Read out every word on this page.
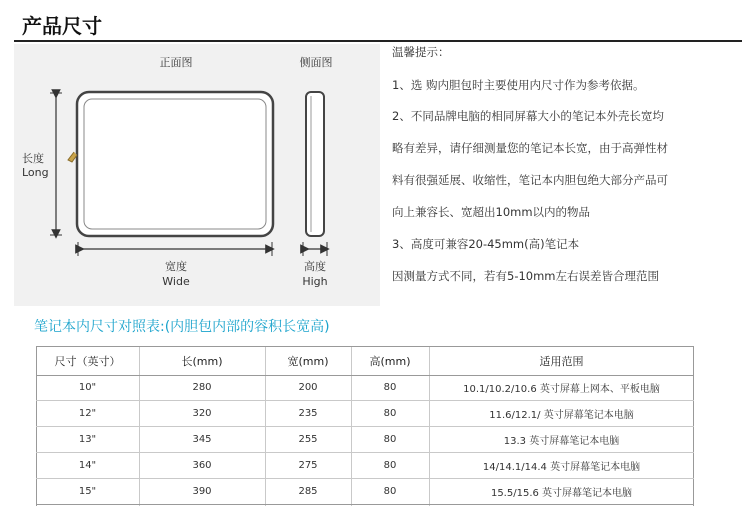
产品尺寸
正面图	侧面图
长度
Long
宽度
Wide
高度
High
温馨提示：
1、选 购内胆包时主要使用内尺寸作为参考依据。
2、不同品牌电脑的相同屏幕大小的笔记本外壳长宽均
略有差异，请仔细测量您的笔记本长宽，由于高弹性材
料有很强延展、收缩性，笔记本内胆包绝大部分产品可
向上兼容长、宽超出10mm以内的物品
3、高度可兼容20-45mm(高)笔记本
因测量方式不同，若有5-10mm左右误差皆合理范围
笔记本内尺寸对照表:(内胆包内部的容积长宽高)
尺寸（英寸）	长(mm)	宽(mm)	高(mm)	适用范围
10"	280	200	80	10.1/10.2/10.6 英寸屏幕上网本、平板电脑
12"	320	235	80	11.6/12.1/ 英寸屏幕笔记本电脑
13"	345	255	80	13.3 英寸屏幕笔记本电脑
14"	360	275	80	14/14.1/14.4 英寸屏幕笔记本电脑
15"	390	285	80	15.5/15.6 英寸屏幕笔记本电脑
